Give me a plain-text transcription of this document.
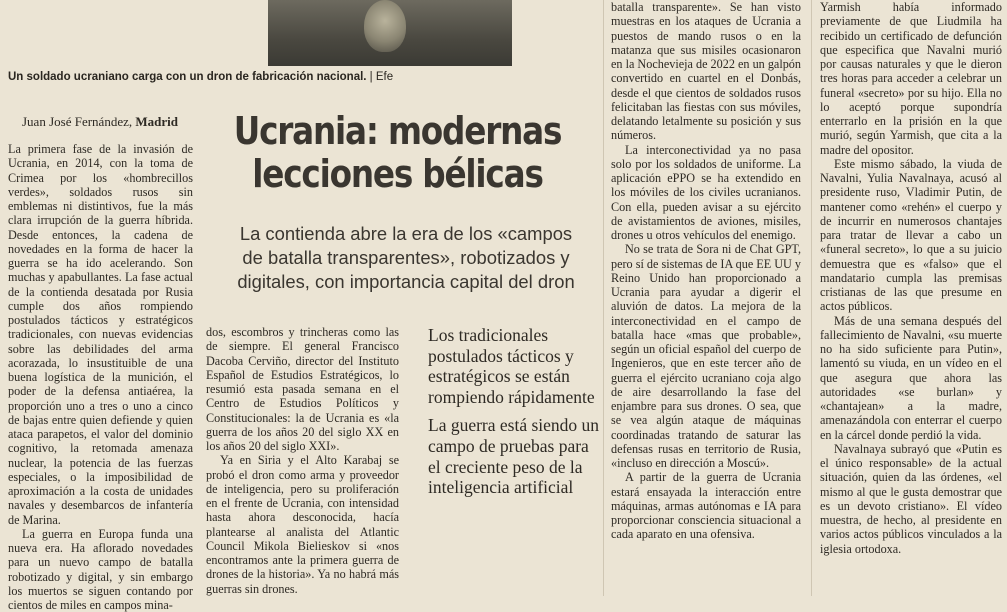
Un soldado ucraniano carga con un dron de fabricación nacional. | Efe
Juan José Fernández, Madrid Ucrania: modernas
lecciones bélicas
La contienda abre la era de los «campos
de batalla transparentes», robotizados y
digitales, con importancia capital del dron

La primera fase de la invasión de Ucrania, en 2014, con la toma de Crimea por los «hombrecillos verdes», soldados rusos sin emblemas ni distintivos, fue la más clara irrupción de la guerra híbrida. Desde entonces, la cadena de novedades en la forma de hacer la guerra se ha ido acelerando. Son muchas y apabullantes. La fase actual de la contienda desatada por Rusia cumple dos años rompiendo postulados tácticos y estratégicos tradicionales, con nuevas evidencias sobre las debilidades del arma acorazada, lo insustituible de una buena logística de la munición, el poder de la defensa antiaérea, la proporción uno a tres o uno a cinco de bajas entre quien defiende y quien ataca parapetos, el valor del dominio cognitivo, la retomada amenaza nuclear, la potencia de las fuerzas especiales, o la imposibilidad de aproximación a la costa de unidades navales y desembarcos de infantería de Marina.

La guerra en Europa funda una nueva era. Ha aflorado novedades para un nuevo campo de batalla robotizado y digital, y sin embargo los muertos se siguen contando por cientos de miles en campos mina-

dos, escombros y trincheras como las de siempre. El general Francisco Dacoba Cerviño, director del Instituto Español de Estudios Estratégicos, lo resumió esta pasada semana en el Centro de Estudios Políticos y Constitucionales: la de Ucrania es «la guerra de los años 20 del siglo XX en los años 20 del siglo XXI».

Ya en Siria y el Alto Karabaj se probó el dron como arma y proveedor de inteligencia, pero su proliferación en el frente de Ucrania, con intensidad hasta ahora desconocida, hacía plantearse al analista del Atlantic Council Mikola Bielieskov si «nos encontramos ante la primera guerra de drones de la historia». Ya no habrá más guerras sin drones.

Los tradicionales postulados tácticos y estratégicos se están rompiendo rápidamente

La guerra está siendo un campo de pruebas para el creciente peso de la inteligencia artificial

batalla transparente». Se han visto muestras en los ataques de Ucrania a puestos de mando rusos o en la matanza que sus misiles ocasionaron en la Nochevieja de 2022 en un galpón convertido en cuartel en el Donbás, desde el que cientos de soldados rusos felicitaban las fiestas con sus móviles, delatando letalmente su posición y sus números.

La interconectividad ya no pasa solo por los soldados de uniforme. La aplicación ePPO se ha extendido en los móviles de los civiles ucranianos. Con ella, pueden avisar a su ejército de avistamientos de aviones, misiles, drones u otros vehículos del enemigo.

No se trata de Sora ni de Chat GPT, pero sí de sistemas de IA que EE UU y Reino Unido han proporcionado a Ucrania para ayudar a digerir el aluvión de datos. La mejora de la interconectividad en el campo de batalla hace «mas que probable», según un oficial español del cuerpo de Ingenieros, que en este tercer año de guerra el ejército ucraniano coja algo de aire desarrollando la fase del enjambre para sus drones. O sea, que se vea algún ataque de máquinas coordinadas tratando de saturar las defensas rusas en territorio de Rusia, «incluso en dirección a Moscú».

A partir de la guerra de Ucrania estará ensayada la interacción entre máquinas, armas autónomas e IA para proporcionar consciencia situacional a cada aparato en una ofensiva.

Yarmish había informado previamente de que Liudmila ha recibido un certificado de defunción que especifica que Navalni murió por causas naturales y que le dieron tres horas para acceder a celebrar un funeral «secreto» por su hijo. Ella no lo aceptó porque supondría enterrarlo en la prisión en la que murió, según Yarmish, que cita a la madre del opositor.

Este mismo sábado, la viuda de Navalni, Yulia Navalnaya, acusó al presidente ruso, Vladimir Putin, de mantener como «rehén» el cuerpo y de incurrir en numerosos chantajes para tratar de llevar a cabo un «funeral secreto», lo que a su juicio demuestra que es «falso» que el mandatario cumpla las premisas cristianas de las que presume en actos públicos.

Más de una semana después del fallecimiento de Navalni, «su muerte no ha sido suficiente para Putin», lamentó su viuda, en un vídeo en el que asegura que ahora las autoridades «se burlan» y «chantajean» a la madre, amenazándola con enterrar el cuerpo en la cárcel donde perdió la vida.

Navalnaya subrayó que «Putin es el único responsable» de la actual situación, quien da las órdenes, «el mismo al que le gusta demostrar que es un devoto cristiano». El vídeo muestra, de hecho, al presidente en varios actos públicos vinculados a la iglesia ortodoxa.
